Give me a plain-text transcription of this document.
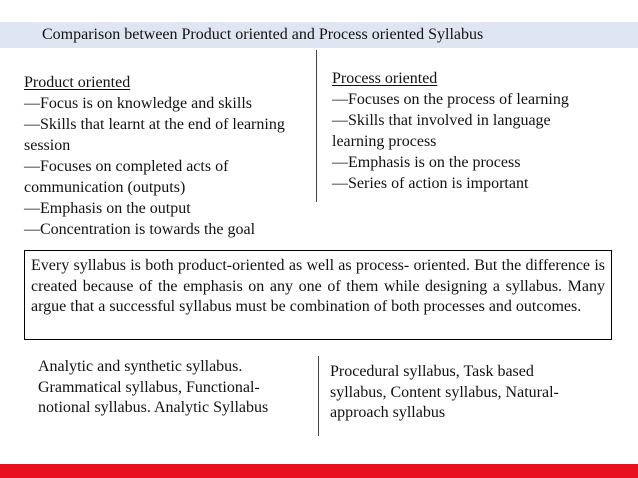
Comparison between Product oriented and Process oriented Syllabus
Product oriented
—Focus is on knowledge and skills
—Skills that learnt at the end of learning
session
—Focuses on completed acts of
communication (outputs)
—Emphasis on the output
—Concentration is towards the goal
Process oriented
—Focuses on the process of learning
—Skills that involved in language
learning process
—Emphasis is on the process
—Series of action is important
Every syllabus is both product-oriented as well as process- oriented. But the difference is created because of the emphasis on any one of them while designing a syllabus. Many argue that a successful syllabus must be combination of both processes and outcomes.
Analytic and synthetic syllabus.
Grammatical syllabus, Functional-
notional syllabus. Analytic Syllabus
Procedural syllabus, Task based
syllabus, Content syllabus, Natural-
approach syllabus
